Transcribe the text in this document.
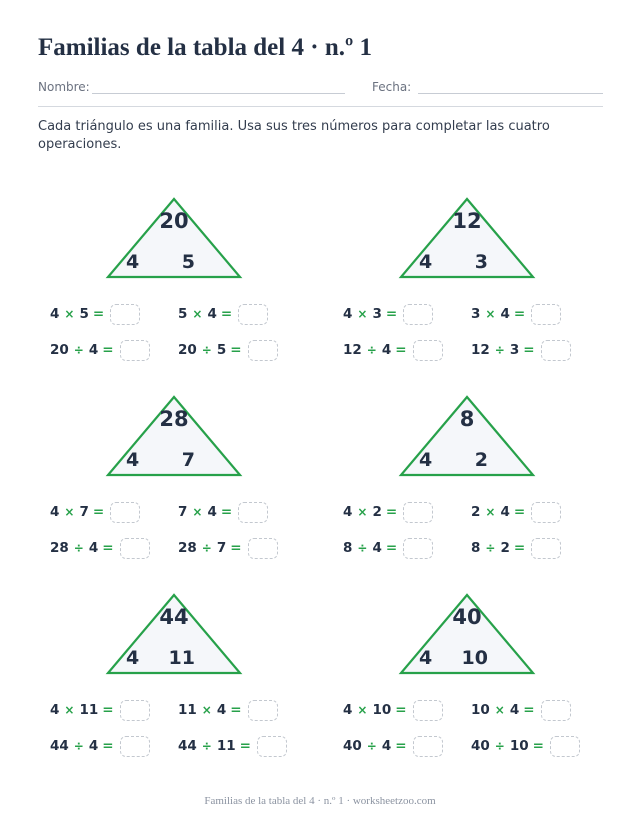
Familias de la tabla del 4 · n.º 1
Nombre:	Fecha:

Cada triángulo es una familia. Usa sus tres números para completar las cuatro operaciones.

20
4 5
4 × 5 =	5 × 4 =
20 ÷ 4 =	20 ÷ 5 =
12
4 3
4 × 3 =	3 × 4 =
12 ÷ 4 =	12 ÷ 3 =
28
4 7
4 × 7 =	7 × 4 =
28 ÷ 4 =	28 ÷ 7 =
8
4 2
4 × 2 =	2 × 4 =
8 ÷ 4 =	8 ÷ 2 =
44
4 11
4 × 11 =	11 × 4 =
44 ÷ 4 =	44 ÷ 11 =
40
4 10
4 × 10 =	10 × 4 =
40 ÷ 4 =	40 ÷ 10 =
Familias de la tabla del 4 · n.º 1 · worksheetzoo.com
